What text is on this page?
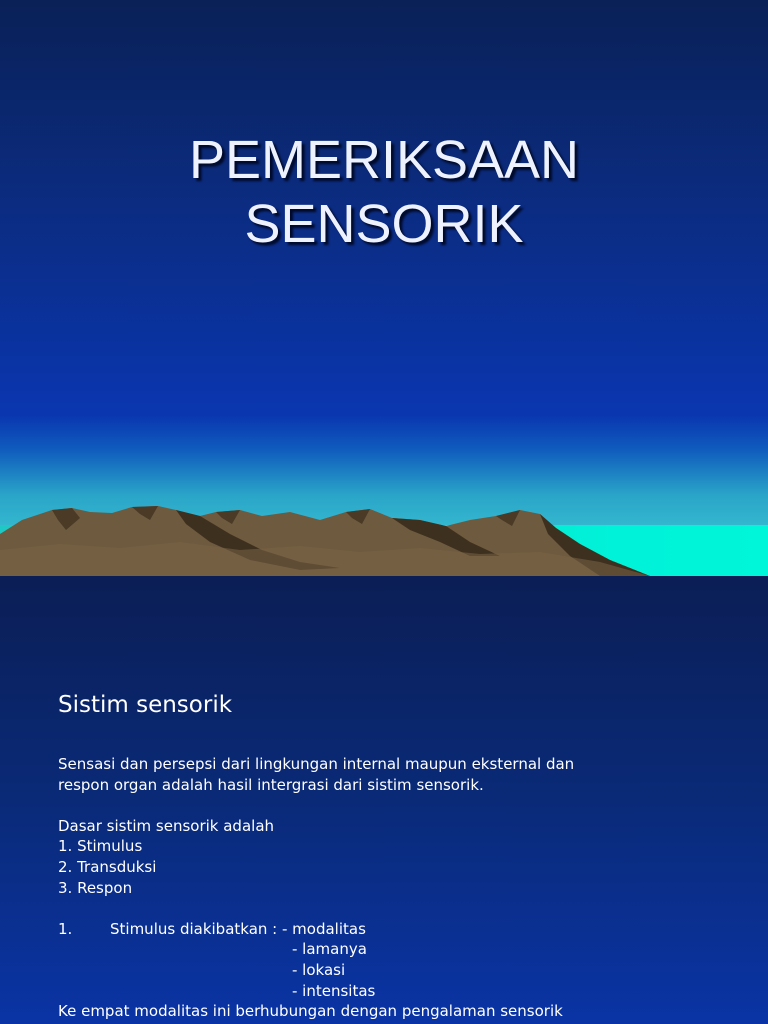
PEMERIKSAAN
SENSORIK
Sistim sensorik
Sensasi dan persepsi dari lingkungan internal maupun eksternal dan
respon organ adalah hasil intergrasi dari sistim sensorik.
Dasar sistim sensorik adalah
1. Stimulus
2. Transduksi
3. Respon
1.	Stimulus diakibatkan : - modalitas
- lamanya
- lokasi
- intensitas
Ke empat modalitas ini berhubungan dengan pengalaman sensorik
